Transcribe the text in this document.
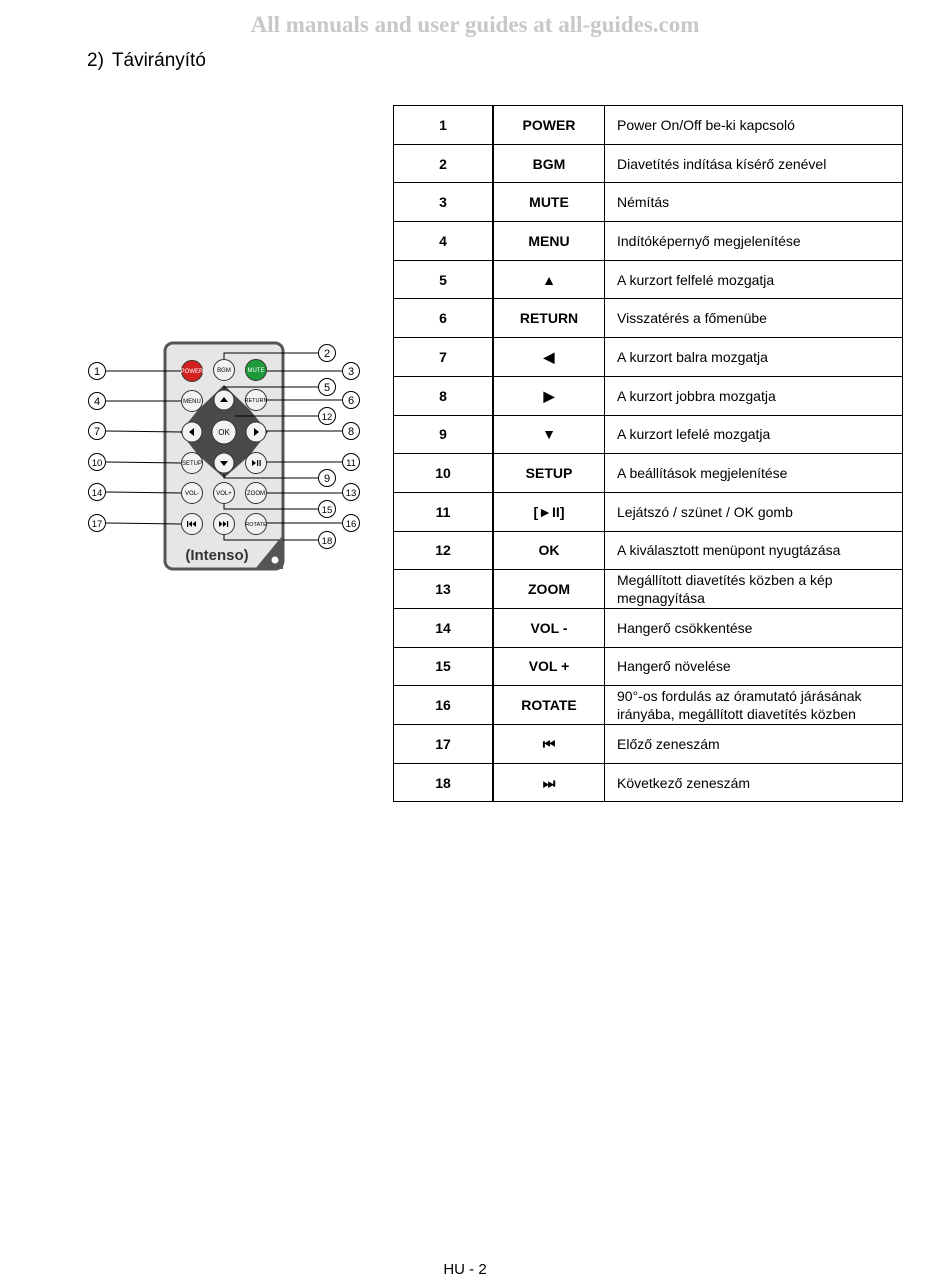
All manuals and user guides at all-guides.com
2) Távirányító
POWER BGM	MUTE
MENU	RETURN
OK
SETUP
VOL-	VOL+	ZOOM
ROTATE
(Intenso)
1
4
7
10
14
17
2
3
5
6
12
8
9
11
13
15
16
18
1	POWER	Power On/Off be-ki kapcsoló
2	BGM	Diavetítés indítása kísérő zenével
3	MUTE	Némítás
4	MENU	Indítóképernyő megjelenítése
5	▲	A kurzort felfelé mozgatja
6	RETURN	Visszatérés a főmenübe
7	◀	A kurzort balra mozgatja
8	▶	A kurzort jobbra mozgatja
9	▼	A kurzort lefelé mozgatja
10	SETUP	A beállítások megjelenítése
11	[►II]	Lejátszó / szünet / OK gomb
12	OK	A kiválasztott menüpont nyugtázása
13	ZOOM	Megállított diavetítés közben a kép megnagyítása
14	VOL -	Hangerő csökkentése
15	VOL +	Hangerő növelése
16	ROTATE	90°-os fordulás az óramutató járásának irányába, megállított diavetítés közben
17	⏮	Előző zeneszám
18	⏭	Következő zeneszám
HU - 2
